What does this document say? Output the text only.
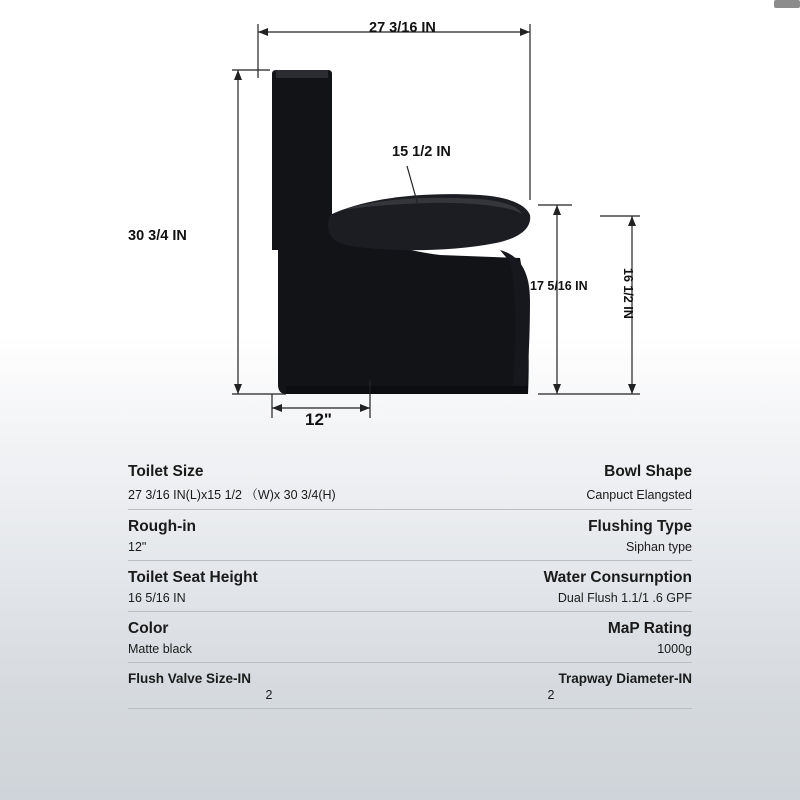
27 3/16 IN
15 1/2 IN
30 3/4 IN
17 5/16 IN	16 1/2 IN
12"
Toilet Size	Bowl Shape
27 3/16 IN(L)x15 1/2 （W)x 30 3/4(H)	Canpuct Elangsted
Rough-in	Flushing Type
12"	Siphan type
Toilet Seat Height	Water Consurnption
16 5/16 IN	Dual Flush 1.1/1 .6 GPF
Color	MaP Rating
Matte black	1000g
Flush Valve Size-IN	Trapway Diameter-IN
2	2
